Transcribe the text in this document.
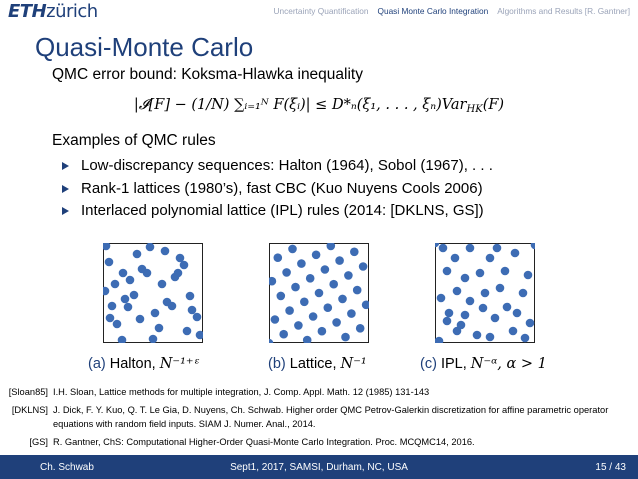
ETHzürich	Uncertainty Quantification Quasi Monte Carlo Integration Algorithms and Results [R. Gantner]
Quasi-Monte Carlo
QMC error bound: Koksma-Hlawka inequality
|𝓘[F] − (1/N) ∑ᵢ₌₁ᴺ F(ξᵢ)| ≤ D*ₙ(ξ₁, . . . , ξₙ)Var$_{HK}$(F)
Examples of QMC rules
Low-discrepancy sequences: Halton (1964), Sobol (1967), . . .
Rank-1 lattices (1980’s), fast CBC (Kuo Nuyens Cools 2006)
Interlaced polynomial lattice (IPL) rules (2014: [DKLNS, GS])
(a) Halton, N⁻¹⁺ᵋ	(b) Lattice, N⁻¹	(c) IPL, N⁻ᵅ, α > 1
[Sloan85] I.H. Sloan, Lattice methods for multiple integration, J. Comp. Appl. Math. 12 (1985) 131-143
[DKLNS] J. Dick, F. Y. Kuo, Q. T. Le Gia, D. Nuyens, Ch. Schwab. Higher order QMC Petrov-Galerkin discretization for affine parametric operator equations with random field inputs. SIAM J. Numer. Anal., 2014.
[GS] R. Gantner, ChS: Computational Higher-Order Quasi-Monte Carlo Integration. Proc. MCQMC14, 2016.
Ch. Schwab	Sept1, 2017, SAMSI, Durham, NC, USA	15 / 43
